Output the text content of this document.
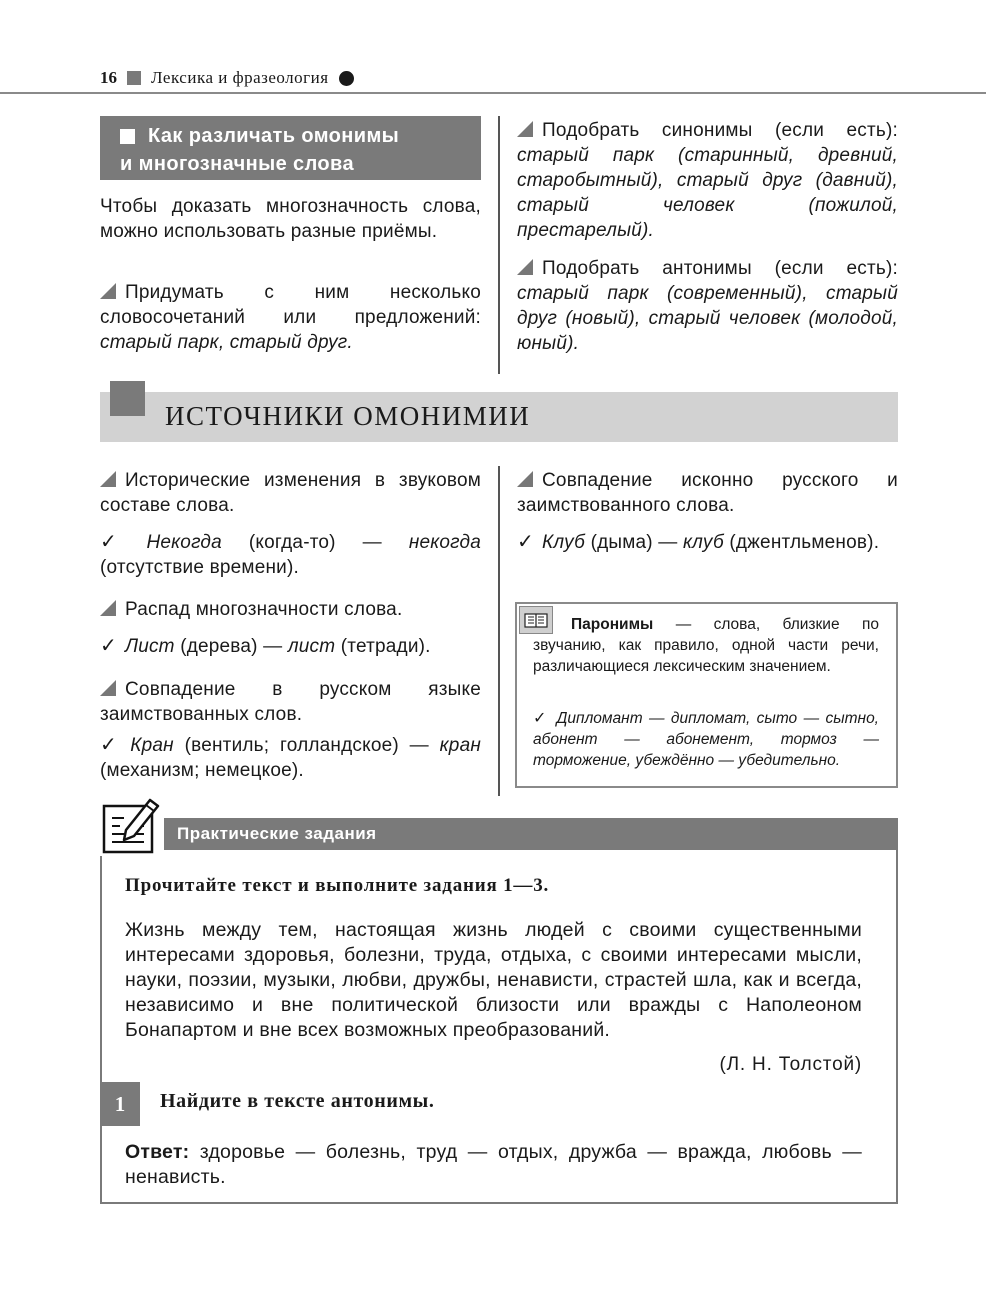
16 Лексика и фразеология
Как различать омонимы
и многозначные слова
Чтобы доказать многозначность слова, можно использовать разные приёмы.
Придумать с ним несколько словосочетаний или предложений: старый парк, старый друг.
Подобрать синонимы (если есть): старый парк (старинный, древний, старобытный), старый друг (давний), старый человек (пожилой, престарелый).
Подобрать антонимы (если есть): старый парк (современный), старый друг (новый), старый человек (молодой, юный).
ИСТОЧНИКИ ОМОНИМИИ
Исторические изменения в звуковом составе слова.
✓ Некогда (когда-то) — некогда (отсутствие времени).
Распад многозначности слова.
✓ Лист (дерева) — лист (тетради).
Совпадение в русском языке заимствованных слов.
✓ Кран (вентиль; голландское) — кран (механизм; немецкое).
Совпадение исконно русского и заимствованного слова.
✓ Клуб (дыма) — клуб (джентльменов).
Паронимы — слова, близкие по звучанию, как правило, одной части речи, различающиеся лексическим значением.
✓ Дипломант — дипломат, сыто — сытно, абонент — абонемент, тормоз — торможение, убеждённо — убедительно.
Практические задания
Прочитайте текст и выполните задания 1—3.
Жизнь между тем, настоящая жизнь людей с своими существенными интересами здоровья, болезни, труда, отдыха, с своими интересами мысли, науки, поэзии, музыки, любви, дружбы, ненависти, страстей шла, как и всегда, независимо и вне политической близости или вражды с Наполеоном Бонапартом и вне всех возможных преобразований.
(Л. Н. Толстой)
1	Найдите в тексте антонимы.
Ответ: здоровье — болезнь, труд — отдых, дружба — вражда, любовь — ненависть.
